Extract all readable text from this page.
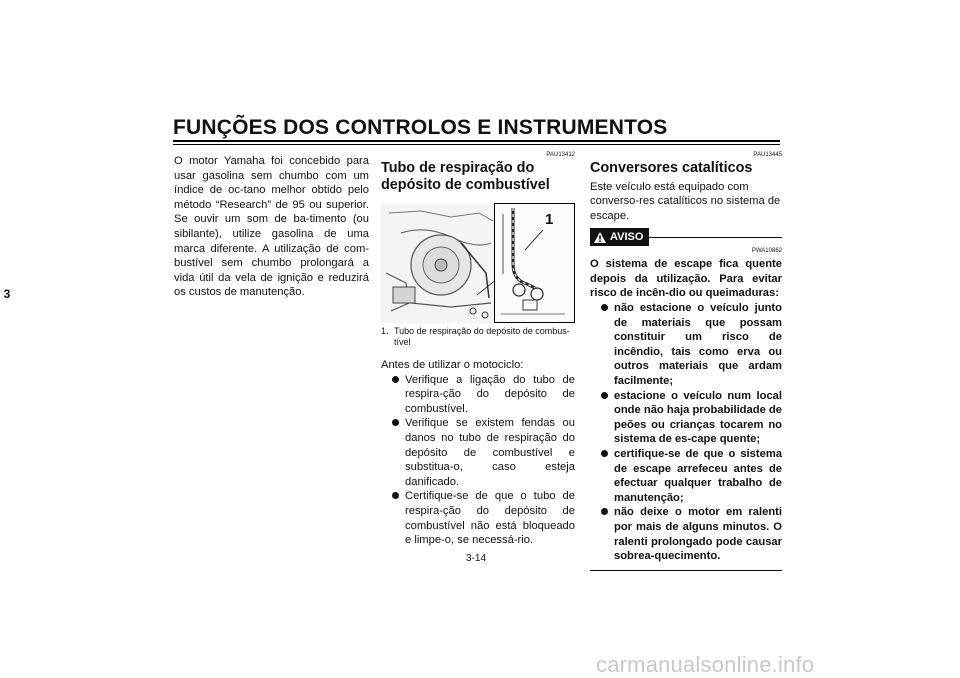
FUNÇÕES DOS CONTROLOS E INSTRUMENTOS
3

O motor Yamaha foi concebido para usar gasolina sem chumbo com um índice de oc-tano melhor obtido pelo método “Research” de 95 ou superior. Se ouvir um som de ba-timento (ou sibilante), utilize gasolina de uma marca diferente. A utilização de com-bustível sem chumbo prolongará a vida útil da vela de ignição e reduzirá os custos de manutenção.

PAU13412
Tubo de respiração do depósito de combustível
1
1. Tubo de respiração do depósito de combus-tível

Antes de utilizar o motociclo:

Verifique a ligação do tubo de respira-ção do depósito de combustível.
Verifique se existem fendas ou danos no tubo de respiração do depósito de combustível e substitua-o, caso esteja danificado.
Certifique-se de que o tubo de respira-ção do depósito de combustível não está bloqueado e limpe-o, se necessá-rio.
PAU13445
Conversores catalíticos

Este veículo está equipado com converso-res catalíticos no sistema de escape.

AVISO
PWA10862

O sistema de escape fica quente depois da utilização. Para evitar risco de incên-dio ou queimaduras:

não estacione o veículo junto de materiais que possam constituir um risco de incêndio, tais como erva ou outros materiais que ardam facilmente;
estacione o veículo num local onde não haja probabilidade de peões ou crianças tocarem no sistema de es-cape quente;
certifique-se de que o sistema de escape arrefeceu antes de efectuar qualquer trabalho de manutenção;
não deixe o motor em ralenti por mais de alguns minutos. O ralenti prolongado pode causar sobrea-quecimento.
3-14
carmanualsonline.info
